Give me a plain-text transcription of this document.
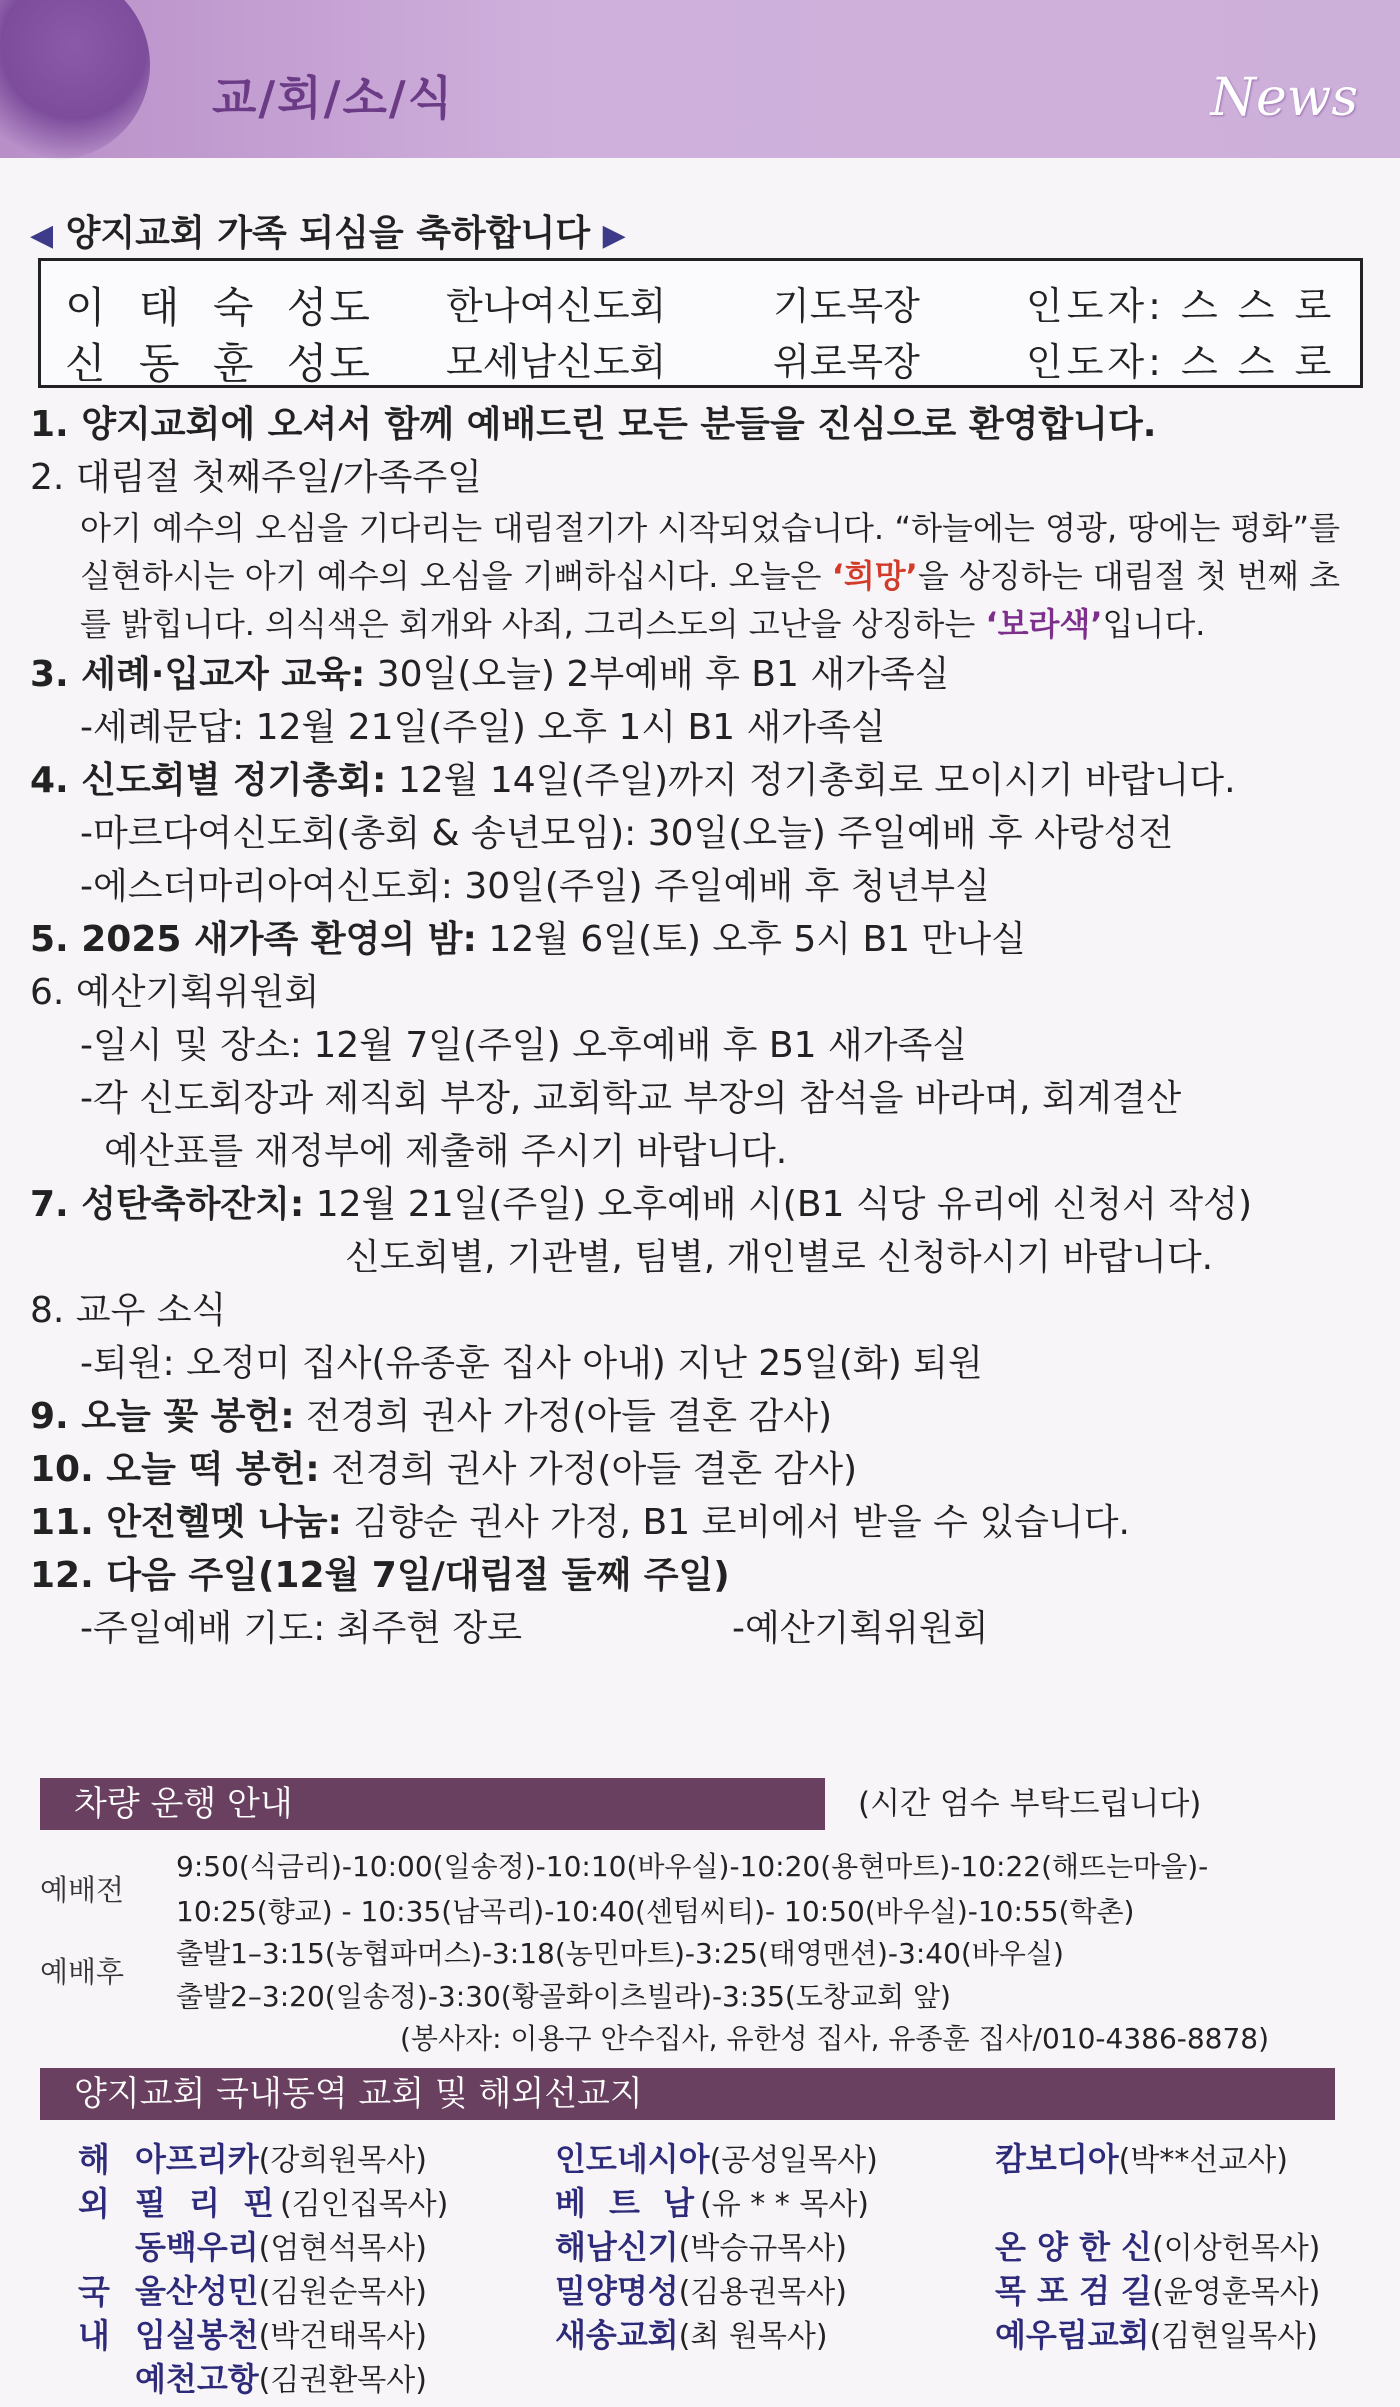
교/회/소/식	News
◀ 양지교회 가족 되심을 축하합니다 ▶
이 태 숙 성도 한나여신도회	기도목장	인도자: 스 스 로
신 동 훈 성도 모세남신도회	위로목장	인도자: 스 스 로
1. 양지교회에 오셔서 함께 예배드린 모든 분들을 진심으로 환영합니다.
2. 대림절 첫째주일/가족주일
아기 예수의 오심을 기다리는 대림절기가 시작되었습니다. “하늘에는 영광, 땅에는 평화”를 실현하시는 아기 예수의 오심을 기뻐하십시다. 오늘은 ‘희망’을 상징하는 대림절 첫 번째 초를 밝힙니다. 의식색은 회개와 사죄, 그리스도의 고난을 상징하는 ‘보라색’입니다.
3. 세례·입교자 교육: 30일(오늘) 2부예배 후 B1 새가족실
-세례문답: 12월 21일(주일) 오후 1시 B1 새가족실
4. 신도회별 정기총회: 12월 14일(주일)까지 정기총회로 모이시기 바랍니다.
-마르다여신도회(총회 & 송년모임): 30일(오늘) 주일예배 후 사랑성전
-에스더마리아여신도회: 30일(주일) 주일예배 후 청년부실
5. 2025 새가족 환영의 밤: 12월 6일(토) 오후 5시 B1 만나실
6. 예산기획위원회
-일시 및 장소: 12월 7일(주일) 오후예배 후 B1 새가족실
-각 신도회장과 제직회 부장, 교회학교 부장의 참석을 바라며, 회계결산
예산표를 재정부에 제출해 주시기 바랍니다.
7. 성탄축하잔치: 12월 21일(주일) 오후예배 시(B1 식당 유리에 신청서 작성)
신도회별, 기관별, 팀별, 개인별로 신청하시기 바랍니다.
8. 교우 소식
-퇴원: 오정미 집사(유종훈 집사 아내) 지난 25일(화) 퇴원
9. 오늘 꽃 봉헌: 전경희 권사 가정(아들 결혼 감사)
10. 오늘 떡 봉헌: 전경희 권사 가정(아들 결혼 감사)
11. 안전헬멧 나눔: 김향순 권사 가정, B1 로비에서 받을 수 있습니다.
12. 다음 주일(12월 7일/대림절 둘째 주일)
-주일예배 기도: 최주현 장로	-예산기획위원회
차량 운행 안내	(시간 엄수 부탁드립니다)
예배전
9:50(식금리)-10:00(일송정)-10:10(바우실)-10:20(용현마트)-10:22(해뜨는마을)-
10:25(향교) - 10:35(남곡리)-10:40(센텀씨티)- 10:50(바우실)-10:55(학촌)
예배후
출발1–3:15(농협파머스)-3:18(농민마트)-3:25(태영맨션)-3:40(바우실)
출발2–3:20(일송정)-3:30(황골화이츠빌라)-3:35(도창교회 앞)
(봉사자: 이용구 안수집사, 유한성 집사, 유종훈 집사/010-4386-8878)
양지교회 국내동역 교회 및 해외선교지
해
외
국
내
아프리카(강희원목사)	인도네시아(공성일목사)	캄보디아(박**선교사)
필 리 핀(김인집목사)	베 트 남(유 * * 목사)
동백우리(엄현석목사)	해남신기(박승규목사)	온 양 한 신(이상헌목사)
울산성민(김원순목사)	밀양명성(김용권목사)	목 포 검 길(윤영훈목사)
임실봉천(박건태목사)	새송교회(최 원목사)	예우림교회(김현일목사)
예천고항(김권환목사)
